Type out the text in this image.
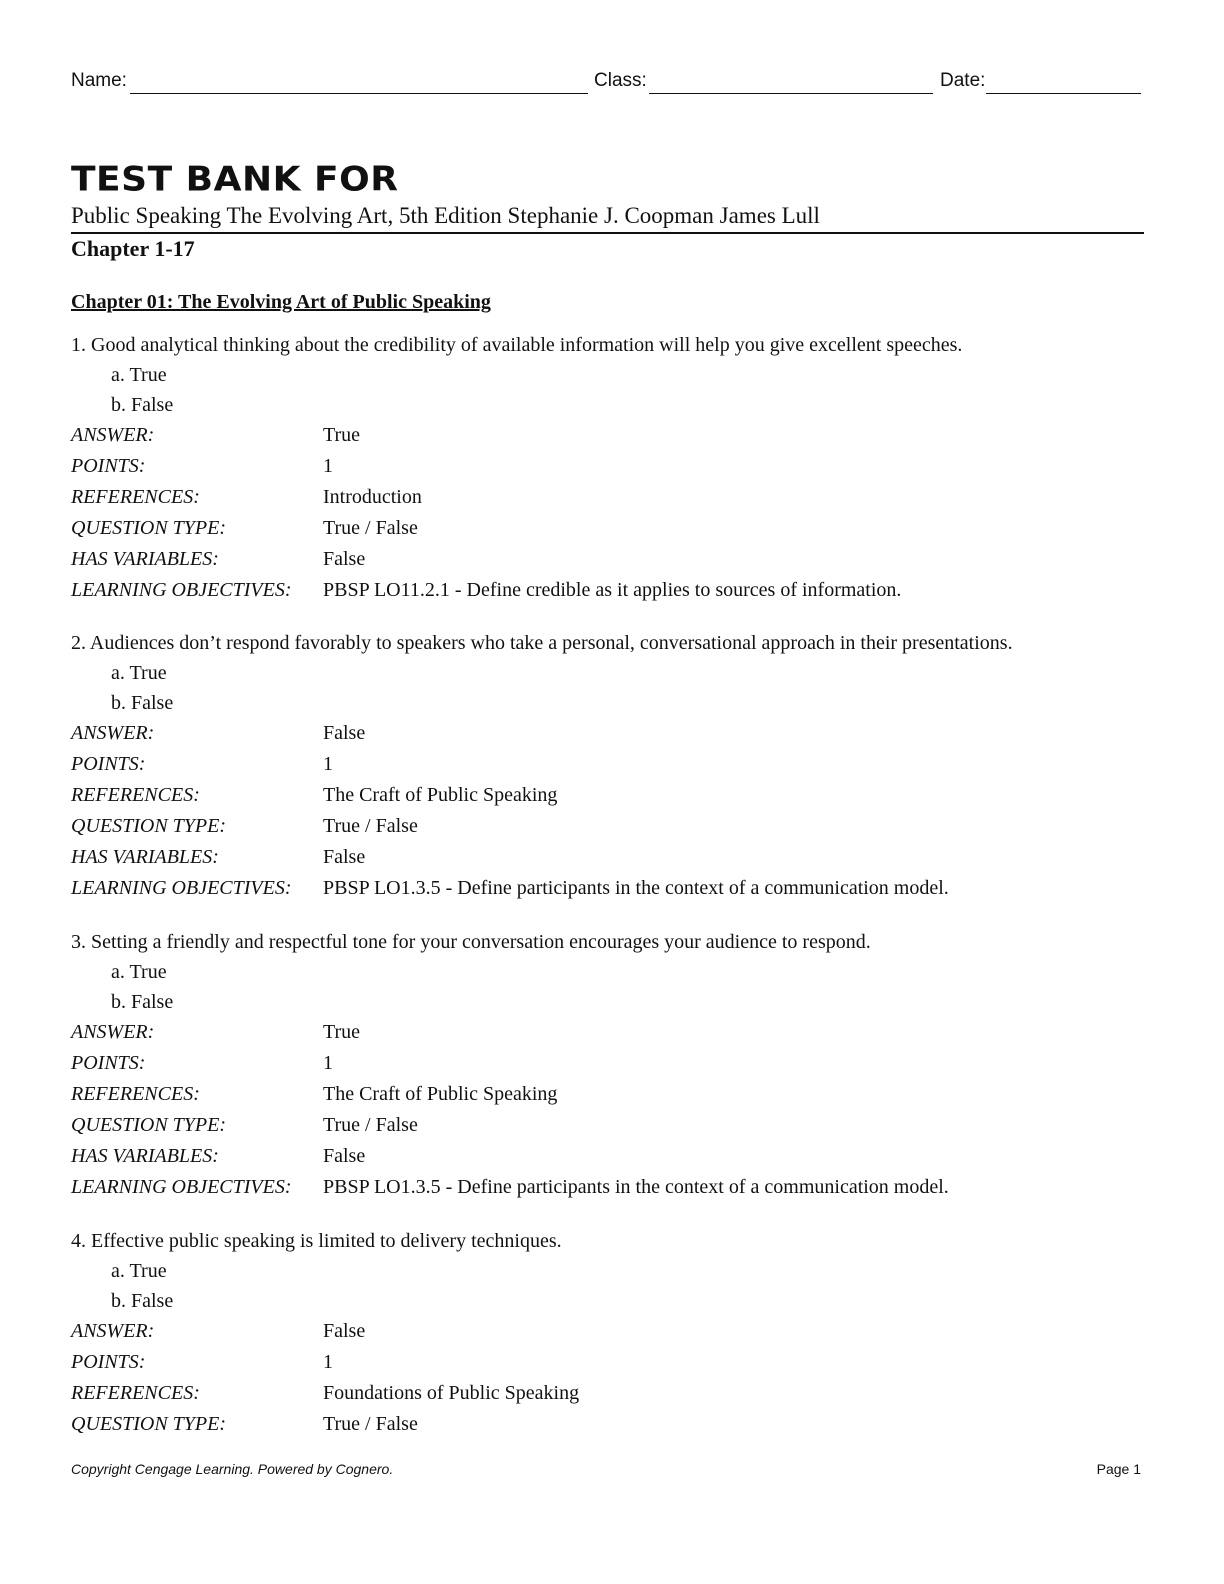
Name:	Class:	Date:
TEST BANK FOR
Public Speaking The Evolving Art, 5th Edition Stephanie J. Coopman James Lull
Chapter 1-17
Chapter 01: The Evolving Art of Public Speaking
1. Good analytical thinking about the credibility of available information will help you give excellent speeches.
a. True
b. False
ANSWER:	True
POINTS:	1
REFERENCES:	Introduction
QUESTION TYPE:	True / False
HAS VARIABLES:	False
LEARNING OBJECTIVES: PBSP LO11.2.1 - Define credible as it applies to sources of information.
2. Audiences don’t respond favorably to speakers who take a personal, conversational approach in their presentations.
a. True
b. False
ANSWER:	False
POINTS:	1
REFERENCES:	The Craft of Public Speaking
QUESTION TYPE:	True / False
HAS VARIABLES:	False
LEARNING OBJECTIVES: PBSP LO1.3.5 - Define participants in the context of a communication model.
3. Setting a friendly and respectful tone for your conversation encourages your audience to respond.
a. True
b. False
ANSWER:	True
POINTS:	1
REFERENCES:	The Craft of Public Speaking
QUESTION TYPE:	True / False
HAS VARIABLES:	False
LEARNING OBJECTIVES: PBSP LO1.3.5 - Define participants in the context of a communication model.
4. Effective public speaking is limited to delivery techniques.
a. True
b. False
ANSWER:	False
POINTS:	1
REFERENCES:	Foundations of Public Speaking
QUESTION TYPE:	True / False
Copyright Cengage Learning. Powered by Cognero.	Page 1
